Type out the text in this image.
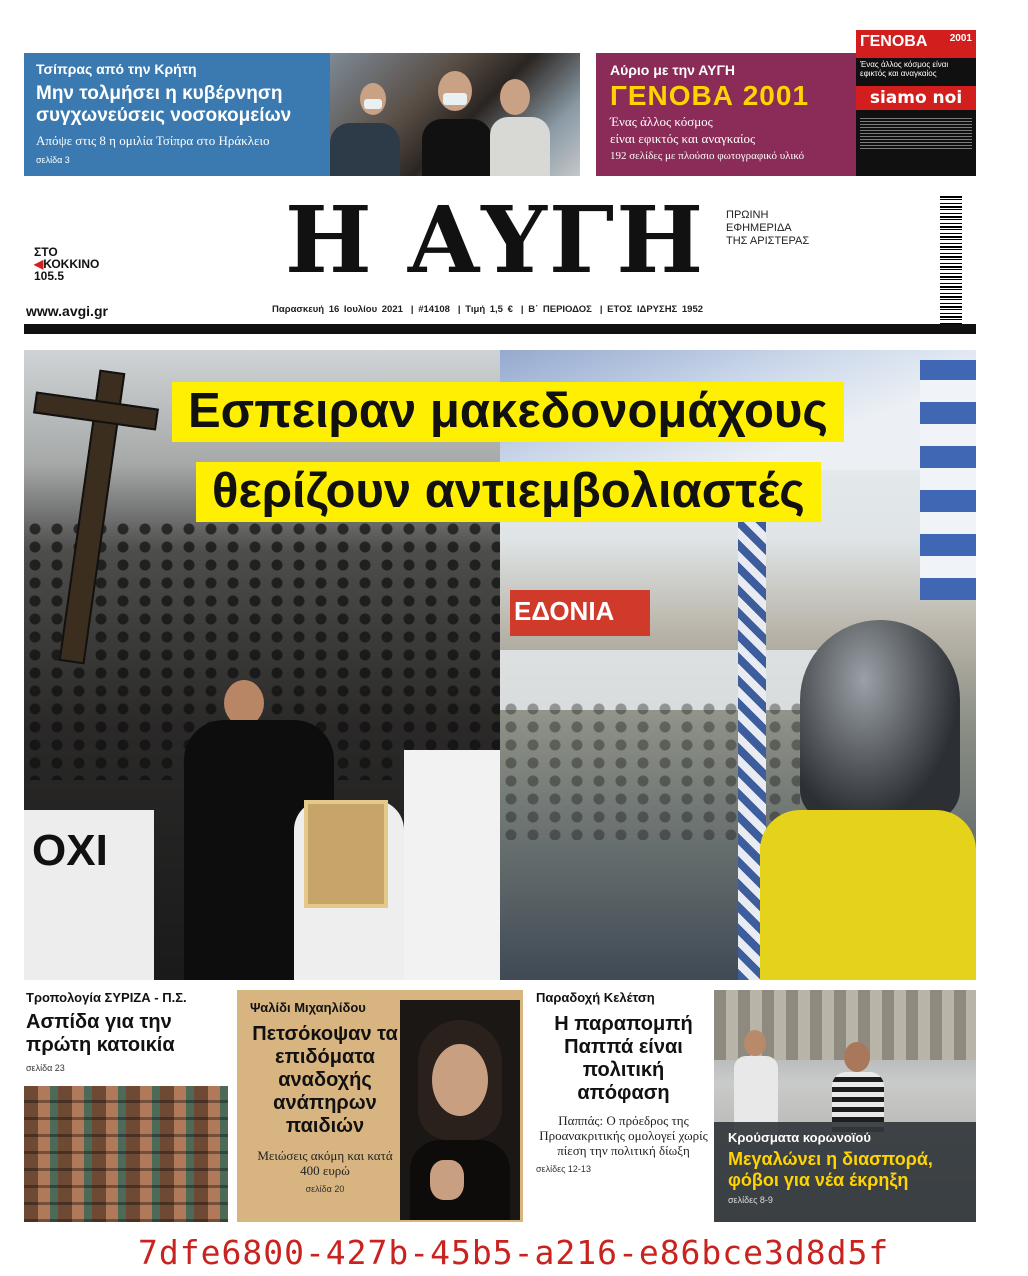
Τσίπρας από την Κρήτη
Μην τολμήσει η κυβέρνηση συγχωνεύσεις νοσοκομείων
Απόψε στις 8 η ομιλία Τσίπρα στο Ηράκλειο
σελίδα 3
Αύριο με την ΑΥΓΗ
ΓΕΝΟΒΑ 2001
Ένας άλλος κόσμος
είναι εφικτός και αναγκαίος
192 σελίδες με πλούσιο φωτογραφικό υλικό
ΓΕΝΟΒΑ 2001
Ένας άλλος κόσμος είναι εφικτός και αναγκαίος
siamo noi
ΣΤΟ
◀ΚΟΚΚΙΝΟ
105.5
www.avgi.gr
Η ΑΥΓΗ	ΠΡΩΙΝΗ
ΕΦΗΜΕΡΙΔΑ
ΤΗΣ ΑΡΙΣΤΕΡΑΣ
Παρασκευή 16 Ιουλίου 2021 | #14108 | Τιμή 1,5 € | Β΄ ΠΕΡΙΟΔΟΣ | ΕΤΟΣ ΙΔΡΥΣΗΣ 1952
ΟΧΙ
ΕΔΟΝΙΑ
Εσπειραν μακεδονομάχους
θερίζουν αντιεμβολιαστές
Τροπολογία ΣΥΡΙΖΑ - Π.Σ.
Ασπίδα για την πρώτη κατοικία
σελίδα 23
Ψαλίδι Μιχαηλίδου
Πετσόκοψαν τα επιδόματα αναδοχής ανάπηρων παιδιών
Μειώσεις ακόμη και κατά 400 ευρώ
σελίδα 20
Παραδοχή Κελέτση
Η παραπομπή Παππά είναι πολιτική απόφαση
Παππάς: Ο πρόεδρος της Προανακριτικής ομολογεί χωρίς πίεση την πολιτική δίωξη
σελίδες 12-13
Κρούσματα κορωνοϊού
Μεγαλώνει η διασπορά, φόβοι για νέα έκρηξη
σελίδες 8-9
7dfe6800-427b-45b5-a216-e86bce3d8d5f
